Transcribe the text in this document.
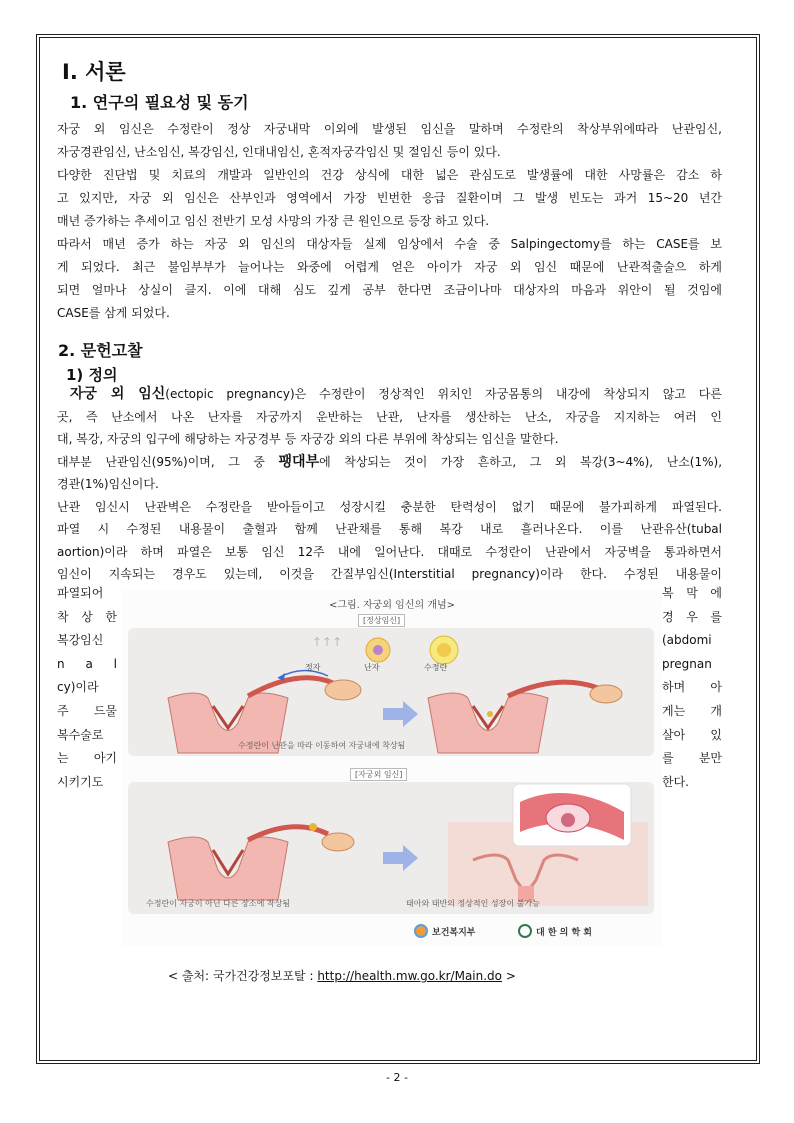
Ⅰ. 서론
1. 연구의 필요성 및 동기
자궁 외 임신은 수정란이 정상 자궁내막 이외에 발생된 임신을 말하며 수정란의 착상부위에따라 난관임신,
자궁경관임신, 난소임신, 복강임신, 인대내임신, 혼적자궁각임신 및 절임신 등이 있다.
다양한 진단법 및 치료의 개발과 일반인의 건강 상식에 대한 넓은 관심도로 발생률에 대한 사망률은 감소 하
고 있지만, 자궁 외 임신은 산부인과 영역에서 가장 빈번한 응급 질환이며 그 발생 빈도는 과거 15~20 년간
매년 증가하는 추세이고 임신 전반기 모성 사망의 가장 큰 원인으로 등장 하고 있다.
따라서 매년 증가 하는 자궁 외 임신의 대상자들 실제 임상에서 수술 중 Salpingectomy를 하는 CASE를 보
게 되었다. 최근 불임부부가 늘어나는 와중에 어렵게 얻은 아이가 자궁 외 임신 때문에 난관적출술으 하게
되면 얼마나 상실이 클지. 이에 대해 심도 깊게 공부 한다면 조금이나마 대상자의 마음과 위안이 될 것임에
CASE를 삼게 되었다.
2. 문헌고찰
1) 정의
자궁 외 임신(ectopic pregnancy)은 수정란이 정상적인 위치인 자궁몸통의 내강에 착상되지 않고 다른
곳, 즉 난소에서 나온 난자를 자궁까지 운반하는 난관, 난자를 생산하는 난소, 자궁을 지지하는 여러 인
대, 복강, 자궁의 입구에 해당하는 자궁경부 등 자궁강 외의 다른 부위에 착상되는 임신을 말한다.
대부분 난관임신(95%)이며, 그 중 팽대부에 착상되는 것이 가장 흔하고, 그 외 복강(3~4%), 난소(1%),
경관(1%)임신이다.
난관 임신시 난관벽은 수정란을 받아들이고 성장시킬 충분한 탄력성이 없기 때문에 불가피하게 파열된다.
파열 시 수정된 내용물이 출혈과 함께 난관채를 통해 복강 내로 흘러나온다. 이를 난관유산(tubal
aortion)이라 하며 파열은 보통 임신 12주 내에 일어난다. 대때로 수정란이 난관에서 자궁벽을 통과하면서
임신이 지속되는 경우도 있는데, 이것을 간질부임신(Interstitial pregnancy)이라 한다. 수정된 내용물이
파열되어
착 상 한
복강임신
n a l
cy)이라
주 드물
복수술로
는 아기
시키기도
복 막 에
경 우 를
(abdomi
pregnan
하며 아
게는 개
살아 있
를 분만
한다.
<그림. 자궁외 임신의 개념>
[정상임신]
↑↑↑
정자	난자	수정란
수정란이 난관을 따라 이동하여 자궁내에 착상됨
[자궁외 임신]
수정란이 자궁이 아닌 다른 장소에 착상됨	태아와 태반의 정상적인 성장이 불가능
보건복지부	대 한 의 학 회
< 출처: 국가건강정보포탈 : http://health.mw.go.kr/Main.do >
- 2 -
